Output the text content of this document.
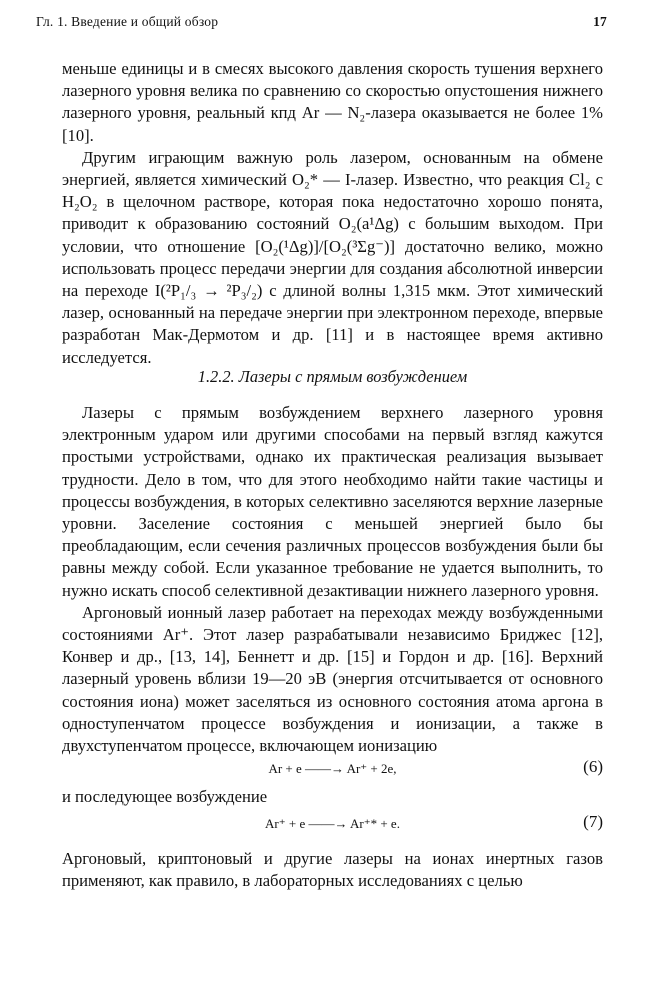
Гл. 1. Введение и общий обзор	17

меньше единицы и в смесях высокого давления скорость тушения верхнего лазерного уровня велика по сравнению со скоростью опустошения нижнего лазерного уровня, реальный кпд Ar — N₂-лазера оказывается не более 1% [10].

Другим играющим важную роль лазером, основанным на обмене энергией, является химический O₂* — I-лазер. Известно, что реакция Cl₂ с H₂O₂ в щелочном растворе, которая пока недостаточно хорошо понята, приводит к образованию состояний O₂(a¹Δg) с большим выходом. При условии, что отношение [O₂(¹Δg)]/[O₂(³Σg⁻)] достаточно велико, можно использовать процесс передачи энергии для создания абсолютной инверсии на переходе I(²P₁/₃ → ²P₃/₂) с длиной волны 1,315 мкм. Этот химический лазер, основанный на передаче энергии при электронном переходе, впервые разработан Мак-Дермотом и др. [11] и в настоящее время активно исследуется.

1.2.2. Лазеры с прямым возбуждением

Лазеры с прямым возбуждением верхнего лазерного уровня электронным ударом или другими способами на первый взгляд кажутся простыми устройствами, однако их практическая реализация вызывает трудности. Дело в том, что для этого необходимо найти такие частицы и процессы возбуждения, в которых селективно заселяются верхние лазерные уровни. Заселение состояния с меньшей энергией было бы преобладающим, если сечения различных процессов возбуждения были бы равны между собой. Если указанное требование не удается выполнить, то нужно искать способ селективной дезактивации нижнего лазерного уровня.

Аргоновый ионный лазер работает на переходах между возбужденными состояниями Ar⁺. Этот лазер разрабатывали независимо Бриджес [12], Конвер и др., [13, 14], Беннетт и др. [15] и Гордон и др. [16]. Верхний лазерный уровень вблизи 19—20 эВ (энергия отсчитывается от основного состояния иона) может заселяться из основного состояния атома аргона в одноступенчатом процессе возбуждения и ионизации, а также в двухступенчатом процессе, включающем ионизацию

Ar + e ——→ Ar⁺ + 2e,	(6)

и последующее возбуждение

Ar⁺ + e ——→ Ar⁺* + e.	(7)

Аргоновый, криптоновый и другие лазеры на ионах инертных газов применяют, как правило, в лабораторных исследованиях с целью
